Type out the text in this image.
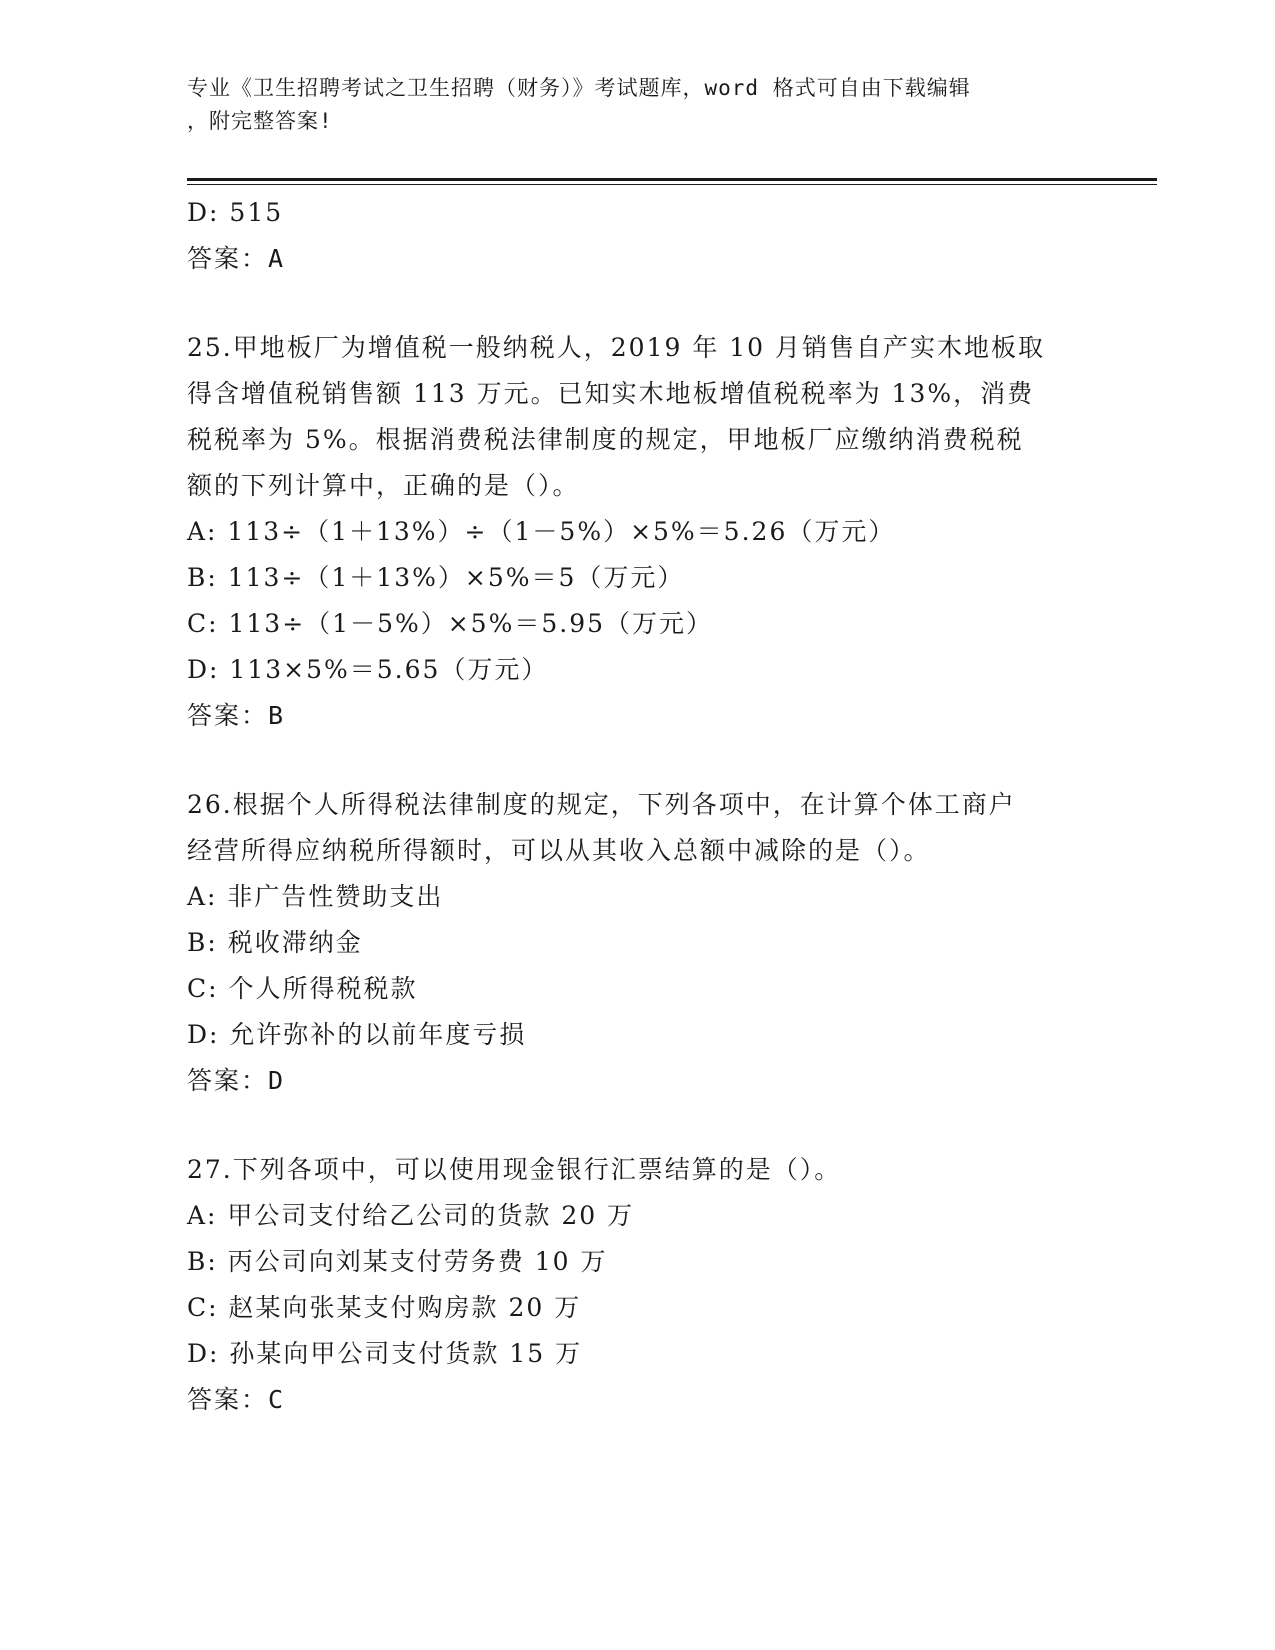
专业《卫生招聘考试之卫生招聘（财务）》考试题库，word 格式可自由下载编辑
，附完整答案!
D: 515
答案：A
25.甲地板厂为增值税一般纳税人，2019 年 10 月销售自产实木地板取
得含增值税销售额 113 万元。已知实木地板增值税税率为 13%，消费
税税率为 5%。根据消费税法律制度的规定，甲地板厂应缴纳消费税税
额的下列计算中，正确的是（）。
A: 113÷（1＋13%）÷（1－5%）×5%＝5.26（万元）
B: 113÷（1＋13%）×5%＝5（万元）
C: 113÷（1－5%）×5%＝5.95（万元）
D: 113×5%＝5.65（万元）
答案：B
26.根据个人所得税法律制度的规定，下列各项中，在计算个体工商户
经营所得应纳税所得额时，可以从其收入总额中减除的是（）。
A: 非广告性赞助支出
B: 税收滞纳金
C: 个人所得税税款
D: 允许弥补的以前年度亏损
答案：D
27.下列各项中，可以使用现金银行汇票结算的是（）。
A: 甲公司支付给乙公司的货款 20 万
B: 丙公司向刘某支付劳务费 10 万
C: 赵某向张某支付购房款 20 万
D: 孙某向甲公司支付货款 15 万
答案：C
